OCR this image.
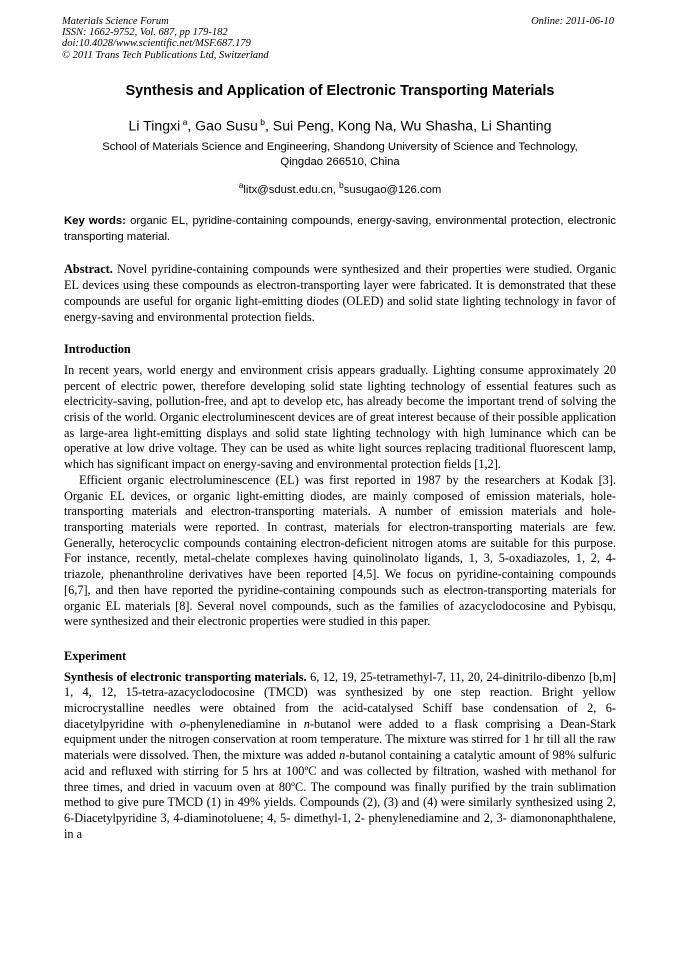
Materials Science Forum
ISSN: 1662-9752, Vol. 687, pp 179-182
doi:10.4028/www.scientific.net/MSF.687.179
© 2011 Trans Tech Publications Ltd, Switzerland
Online: 2011-06-10
Synthesis and Application of Electronic Transporting Materials
Li Tingxi $^a$, Gao Susu $^b$, Sui Peng, Kong Na, Wu Shasha, Li Shanting
School of Materials Science and Engineering, Shandong University of Science and Technology,
Qingdao 266510, China
$^a$litx@sdust.edu.cn, $^b$susugao@126.com

Key words: organic EL, pyridine-containing compounds, energy-saving, environmental protection, electronic transporting material.

Abstract. Novel pyridine-containing compounds were synthesized and their properties were studied. Organic EL devices using these compounds as electron-transporting layer were fabricated. It is demonstrated that these compounds are useful for organic light-emitting diodes (OLED) and solid state lighting technology in favor of energy-saving and environmental protection fields.

Introduction

In recent years, world energy and environment crisis appears gradually. Lighting consume approximately 20 percent of electric power, therefore developing solid state lighting technology of essential features such as electricity-saving, pollution-free, and apt to develop etc, has already become the important trend of solving the crisis of the world. Organic electroluminescent devices are of great interest because of their possible application as large-area light-emitting displays and solid state lighting technology with high luminance which can be operative at low drive voltage. They can be used as white light sources replacing traditional fluorescent lamp, which has significant impact on energy-saving and environmental protection fields [1,2].

Efficient organic electroluminescence (EL) was first reported in 1987 by the researchers at Kodak [3]. Organic EL devices, or organic light-emitting diodes, are mainly composed of emission materials, hole- transporting materials and electron-transporting materials. A number of emission materials and hole-transporting materials were reported. In contrast, materials for electron-transporting materials are few. Generally, heterocyclic compounds containing electron-deficient nitrogen atoms are suitable for this purpose. For instance, recently, metal-chelate complexes having quinolinolato ligands, 1, 3, 5-oxadiazoles, 1, 2, 4-triazole, phenanthroline derivatives have been reported [4,5]. We focus on pyridine-containing compounds [6,7], and then have reported the pyridine-containing compounds such as electron-transporting materials for organic EL materials [8]. Several novel compounds, such as the families of azacyclodocosine and Pybisqu, were synthesized and their electronic properties were studied in this paper.

Experiment

Synthesis of electronic transporting materials. 6, 12, 19, 25-tetramethyl-7, 11, 20, 24-dinitrilo-dibenzo [b,m] 1, 4, 12, 15-tetra-azacyclodocosine (TMCD) was synthesized by one step reaction. Bright yellow microcrystalline needles were obtained from the acid-catalysed Schiff base condensation of 2, 6-diacetylpyridine with o-phenylenediamine in n-butanol were added to a flask comprising a Dean-Stark equipment under the nitrogen conservation at room temperature. The mixture was stirred for 1 hr till all the raw materials were dissolved. Then, the mixture was added n-butanol containing a catalytic amount of 98% sulfuric acid and refluxed with stirring for 5 hrs at 100ºC and was collected by filtration, washed with methanol for three times, and dried in vacuum oven at 80ºC. The compound was finally purified by the train sublimation method to give pure TMCD (1) in 49% yields. Compounds (2), (3) and (4) were similarly synthesized using 2, 6-Diacetylpyridine 3, 4-diaminotoluene; 4, 5- dimethyl-1, 2- phenylenediamine and 2, 3- diamononaphthalene, in a
